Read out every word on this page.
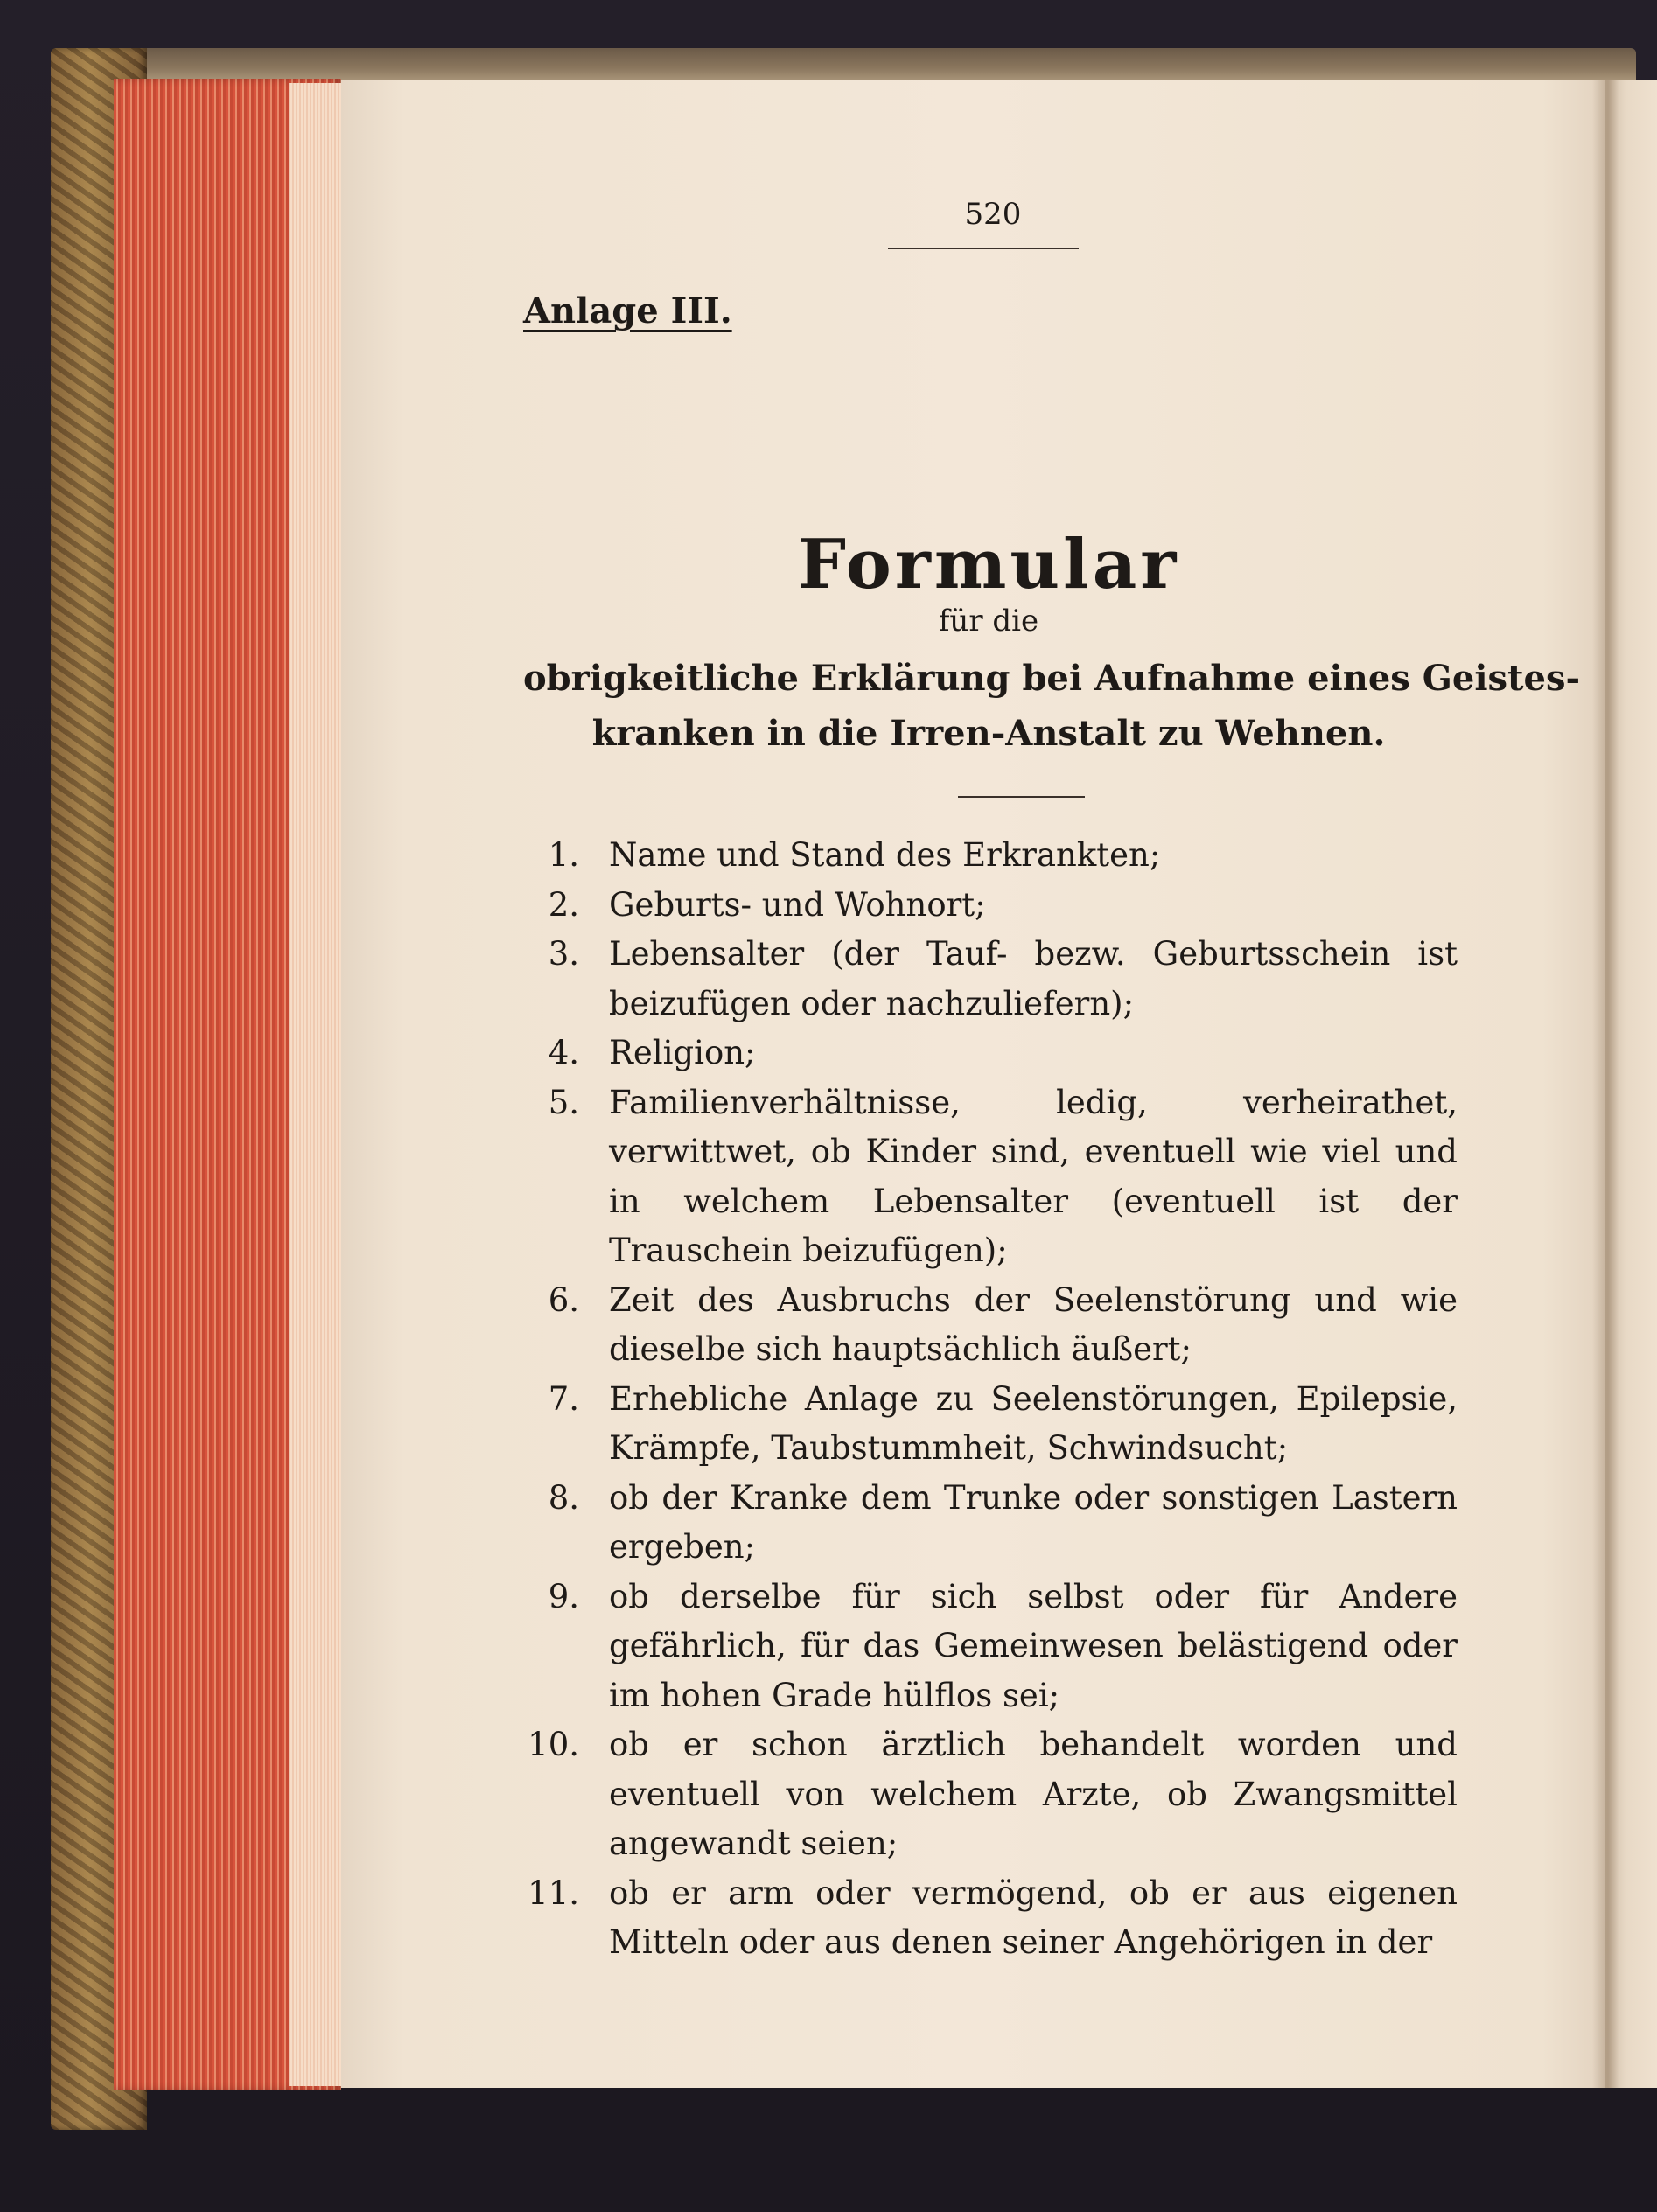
520
Anlage III.
Formular
für die
obrigkeitliche Erklärung bei Aufnahme eines Geistes-
kranken in die Irren-Anstalt zu Wehnen.
1. Name und Stand des Erkrankten;
2. Geburts- und Wohnort;
3. Lebensalter (der Tauf- bezw. Geburtsschein ist beizufügen oder nachzuliefern);
4. Religion;
5. Familienverhältnisse, ledig, verheirathet, verwittwet, ob Kinder sind, eventuell wie viel und in welchem Lebensalter (eventuell ist der Trauschein beizufügen);
6. Zeit des Ausbruchs der Seelenstörung und wie dieselbe sich hauptsächlich äußert;
7. Erhebliche Anlage zu Seelenstörungen, Epilepsie, Krämpfe, Taubstummheit, Schwindsucht;
8. ob der Kranke dem Trunke oder sonstigen Lastern ergeben;
9. ob derselbe für sich selbst oder für Andere gefährlich, für das Gemeinwesen belästigend oder im hohen Grade hülflos sei;
10. ob er schon ärztlich behandelt worden und eventuell von welchem Arzte, ob Zwangsmittel angewandt seien;
11. ob er arm oder vermögend, ob er aus eigenen Mitteln oder aus denen seiner Angehörigen in der
